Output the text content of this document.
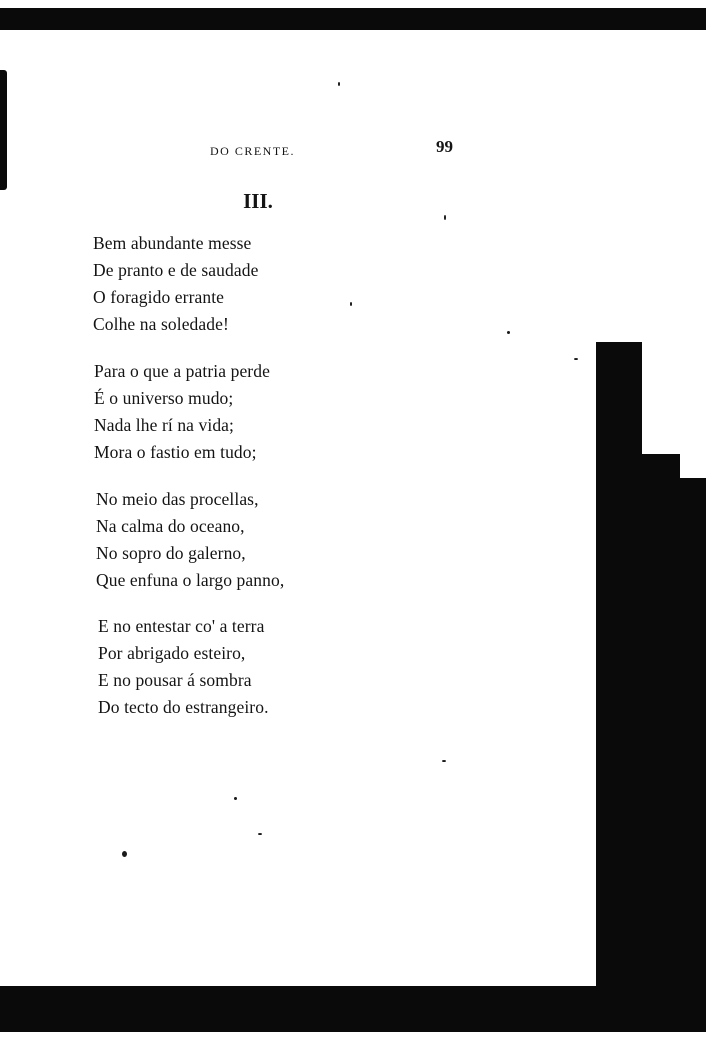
DO CRENTE.	99

III.

Bem abundante messe
De pranto e de saudade
O foragido errante
Colhe na soledade!
Para o que a patria perde
É o universo mudo;
Nada lhe rí na vida;
Mora o fastio em tudo;
No meio das procellas,
Na calma do oceano,
No sopro do galerno,
Que enfuna o largo panno,
E no entestar co' a terra
Por abrigado esteiro,
E no pousar á sombra
Do tecto do estrangeiro.
